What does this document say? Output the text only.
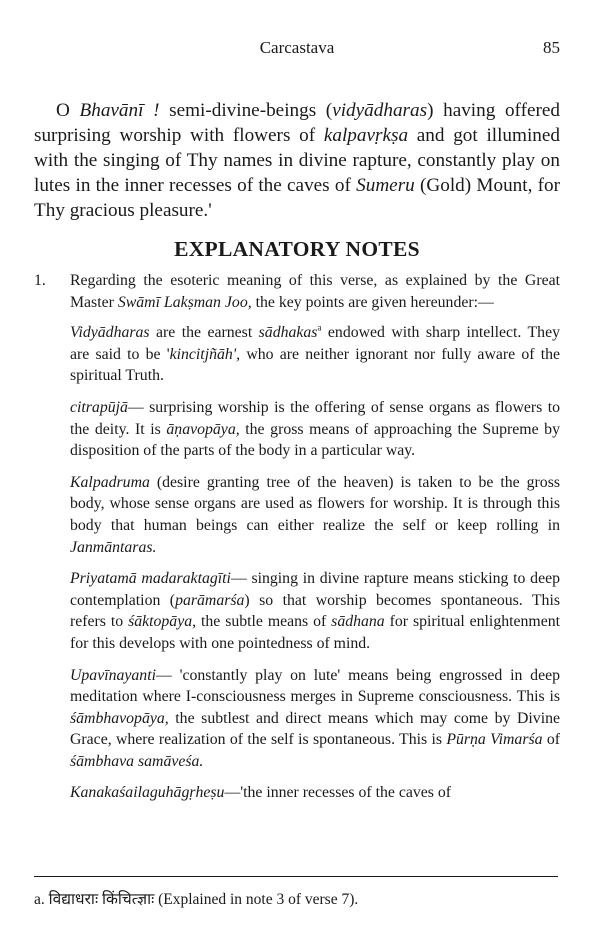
Carcastava	85

O Bhavānī ! semi-divine-beings (vidyādharas) having offered surprising worship with flowers of kalpavṛkṣa and got illumined with the singing of Thy names in divine rapture, constantly play on lutes in the inner recesses of the caves of Sumeru (Gold) Mount, for Thy gracious pleasure.'

EXPLANATORY NOTES
1.	Regarding the esoteric meaning of this verse, as explained by the Great Master Swāmī Lakṣman Joo, the key points are given hereunder:—

Vidyādharas are the earnest sādhakas$^a$ endowed with sharp intellect. They are said to be 'kincitjñāh', who are neither ignorant nor fully aware of the spiritual Truth.

citrapūjā— surprising worship is the offering of sense organs as flowers to the deity. It is āṇavopāya, the gross means of approaching the Supreme by disposition of the parts of the body in a particular way.

Kalpadruma (desire granting tree of the heaven) is taken to be the gross body, whose sense organs are used as flowers for worship. It is through this body that human beings can either realize the self or keep rolling in Janmāntaras.

Priyatamā madaraktagīti— singing in divine rapture means sticking to deep contemplation (parāmarśa) so that worship becomes spontaneous. This refers to śāktopāya, the subtle means of sādhana for spiritual enlightenment for this develops with one pointedness of mind.

Upavīnayanti— 'constantly play on lute' means being engrossed in deep meditation where I-consciousness merges in Supreme consciousness. This is śāmbhavopāya, the subtlest and direct means which may come by Divine Grace, where realization of the self is spontaneous. This is Pūrṇa Vimarśa of śāmbhava samāveśa.

Kanakaśailaguhāgṛheṣu—'the inner recesses of the caves of

a. विद्याधराः किंचित्ज्ञाः (Explained in note 3 of verse 7).
